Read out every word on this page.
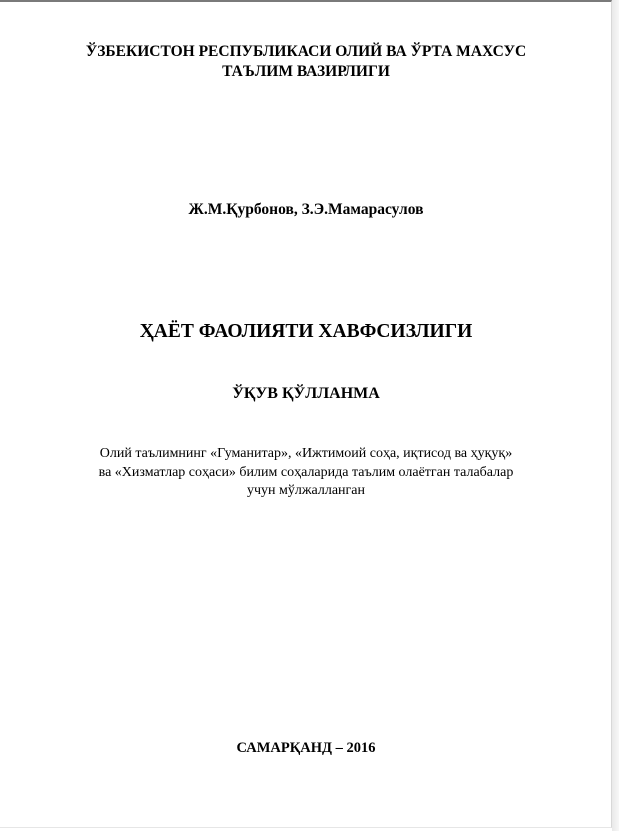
ЎЗБЕКИСТОН РЕСПУБЛИКАСИ ОЛИЙ ВА ЎРТА МАХСУС
ТАЪЛИМ ВАЗИРЛИГИ
Ж.М.Қурбонов, З.Э.Мамарасулов
ҲАЁТ ФАОЛИЯТИ ХАВФСИЗЛИГИ
ЎҚУВ ҚЎЛЛАНМА
Олий таълимнинг «Гуманитар», «Ижтимоий соҳа, иқтисод ва ҳуқуқ»
ва «Хизматлар соҳаси» билим соҳаларида таълим олаётган талабалар
учун мўлжалланган
САМАРҚАНД – 2016
